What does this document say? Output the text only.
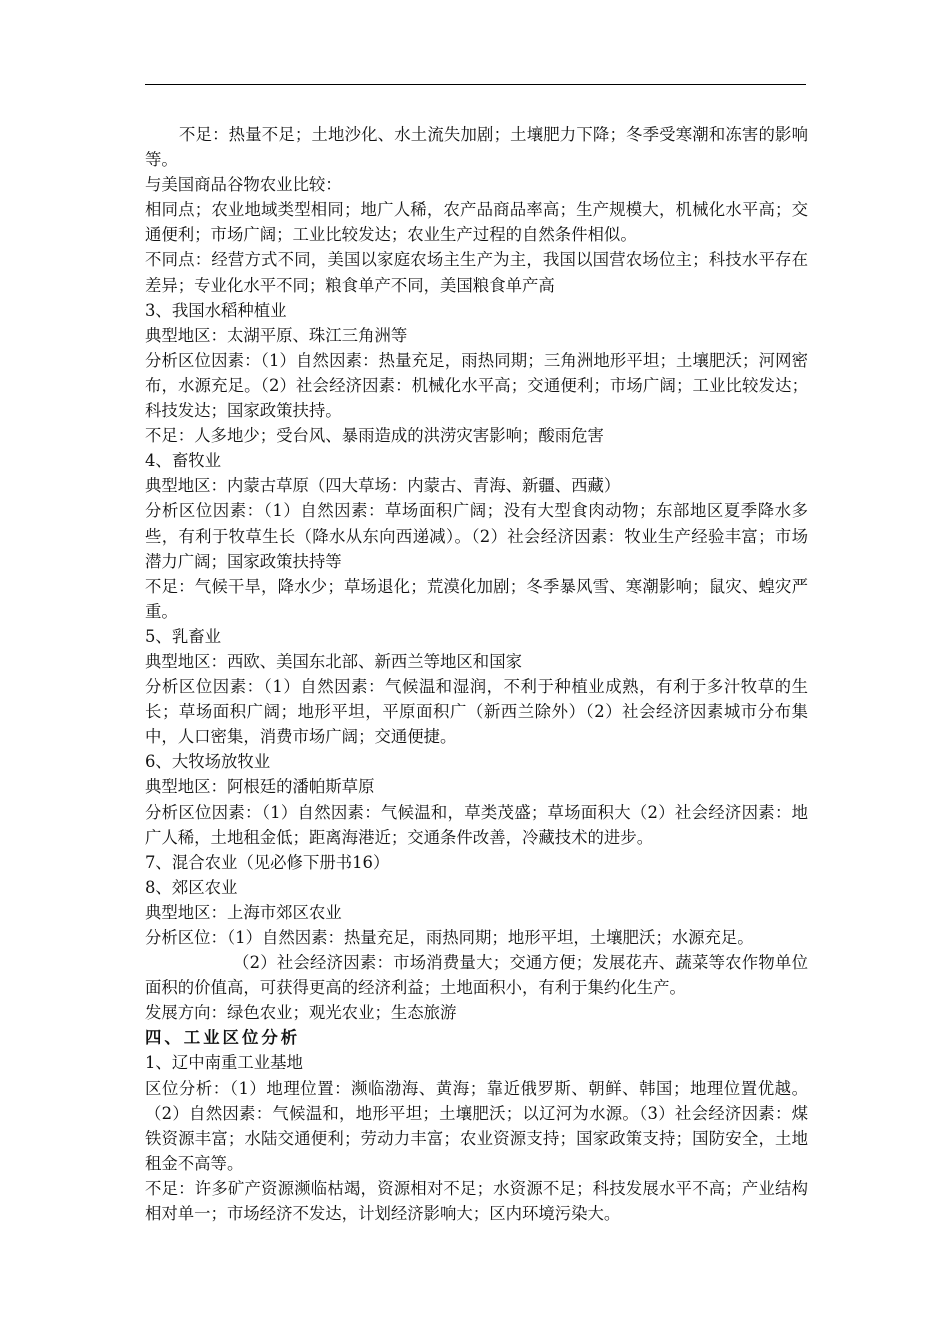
不足：热量不足；土地沙化、水土流失加剧；土壤肥力下降；冬季受寒潮和冻害的影响等。

与美国商品谷物农业比较：

相同点；农业地域类型相同；地广人稀，农产品商品率高；生产规模大，机械化水平高；交通便利；市场广阔；工业比较发达；农业生产过程的自然条件相似。

不同点：经营方式不同，美国以家庭农场主生产为主，我国以国营农场位主；科技水平存在差异；专业化水平不同；粮食单产不同，美国粮食单产高

3、我国水稻种植业

典型地区：太湖平原、珠江三角洲等

分析区位因素：（1）自然因素：热量充足，雨热同期；三角洲地形平坦；土壤肥沃；河网密布，水源充足。（2）社会经济因素：机械化水平高；交通便利；市场广阔；工业比较发达；科技发达；国家政策扶持。

不足：人多地少；受台风、暴雨造成的洪涝灾害影响；酸雨危害

4、畜牧业

典型地区：内蒙古草原（四大草场：内蒙古、青海、新疆、西藏）

分析区位因素：（1）自然因素：草场面积广阔；没有大型食肉动物；东部地区夏季降水多些，有利于牧草生长（降水从东向西递减）。（2）社会经济因素：牧业生产经验丰富；市场潜力广阔；国家政策扶持等

不足：气候干旱，降水少；草场退化；荒漠化加剧；冬季暴风雪、寒潮影响；鼠灾、蝗灾严重。

5、乳畜业

典型地区：西欧、美国东北部、新西兰等地区和国家

分析区位因素：（1）自然因素：气候温和湿润，不利于种植业成熟，有利于多汁牧草的生长；草场面积广阔；地形平坦，平原面积广（新西兰除外）（2）社会经济因素城市分布集中，人口密集，消费市场广阔；交通便捷。

6、大牧场放牧业

典型地区：阿根廷的潘帕斯草原

分析区位因素：（1）自然因素：气候温和，草类茂盛；草场面积大（2）社会经济因素：地广人稀，土地租金低；距离海港近；交通条件改善，冷藏技术的进步。

7、混合农业（见必修下册书16）

8、郊区农业

典型地区：上海市郊区农业

分析区位：（1）自然因素：热量充足，雨热同期；地形平坦，土壤肥沃；水源充足。

（2）社会经济因素：市场消费量大；交通方便；发展花卉、蔬菜等农作物单位面积的价值高，可获得更高的经济利益；土地面积小，有利于集约化生产。

发展方向：绿色农业；观光农业；生态旅游

四、工业区位分析

1、辽中南重工业基地

区位分析：（1）地理位置：濒临渤海、黄海；靠近俄罗斯、朝鲜、韩国；地理位置优越。（2）自然因素：气候温和，地形平坦；土壤肥沃；以辽河为水源。（3）社会经济因素：煤铁资源丰富；水陆交通便利；劳动力丰富；农业资源支持；国家政策支持；国防安全，土地租金不高等。

不足：许多矿产资源濒临枯竭，资源相对不足；水资源不足；科技发展水平不高；产业结构相对单一；市场经济不发达，计划经济影响大；区内环境污染大。
